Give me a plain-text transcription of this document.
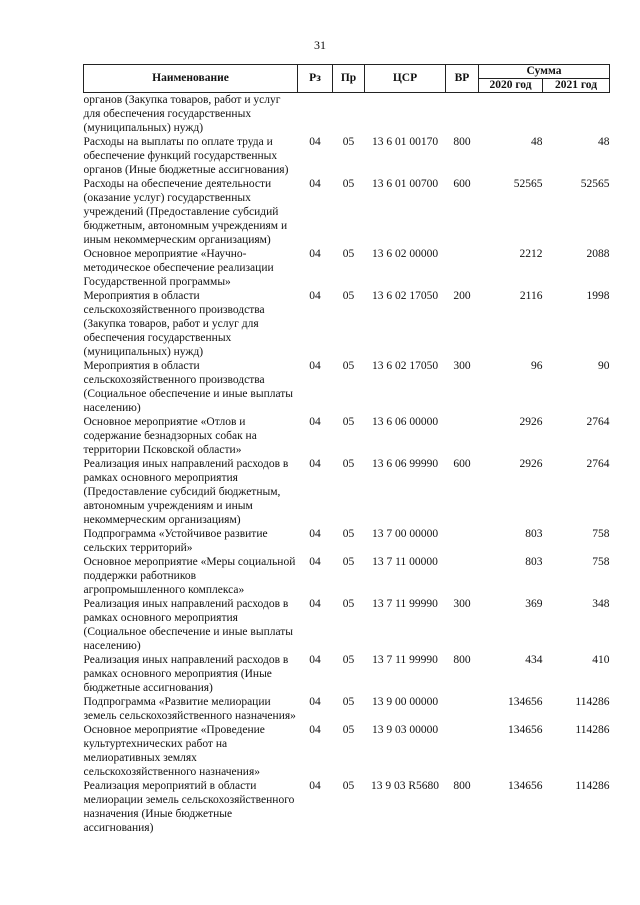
31
Наименование	Рз	Пр	ЦСР	ВР	Сумма	
					2020 год	2021 год
органов (Закупка товаров, работ и услуг для обеспечения государственных (муниципальных) нужд)						
Расходы на выплаты по оплате труда и обеспечение функций государственных органов (Иные бюджетные ассигнования)	04	05	13 6 01 00170	800	48	48
Расходы на обеспечение деятельности (оказание услуг) государственных учреждений (Предоставление субсидий бюджетным, автономным учреждениям и иным некоммерческим организациям)	04	05	13 6 01 00700	600	52565	52565
Основное мероприятие «Научно-методическое обеспечение реализации Государственной программы»	04	05	13 6 02 00000		2212	2088
Мероприятия в области сельскохозяйственного производства (Закупка товаров, работ и услуг для обеспечения государственных (муниципальных) нужд)	04	05	13 6 02 17050	200	2116	1998
Мероприятия в области сельскохозяйственного производства (Социальное обеспечение и иные выплаты населению)	04	05	13 6 02 17050	300	96	90
Основное мероприятие «Отлов и содержание безнадзорных собак на территории Псковской области»	04	05	13 6 06 00000		2926	2764
Реализация иных направлений расходов в рамках основного мероприятия (Предоставление субсидий бюджетным, автономным учреждениям и иным некоммерческим организациям)	04	05	13 6 06 99990	600	2926	2764
Подпрограмма «Устойчивое развитие сельских территорий»	04	05	13 7 00 00000		803	758
Основное мероприятие «Меры социальной поддержки работников агропромышленного комплекса»	04	05	13 7 11 00000		803	758
Реализация иных направлений расходов в рамках основного мероприятия (Социальное обеспечение и иные выплаты населению)	04	05	13 7 11 99990	300	369	348
Реализация иных направлений расходов в рамках основного мероприятия (Иные бюджетные ассигнования)	04	05	13 7 11 99990	800	434	410
Подпрограмма «Развитие мелиорации земель сельскохозяйственного назначения»	04	05	13 9 00 00000		134656	114286
Основное мероприятие «Проведение культуртехнических работ на мелиоративных землях сельскохозяйственного назначения»	04	05	13 9 03 00000		134656	114286
Реализация мероприятий в области мелиорации земель сельскохозяйственного назначения (Иные бюджетные ассигнования)	04	05	13 9 03 R5680	800	134656	114286
